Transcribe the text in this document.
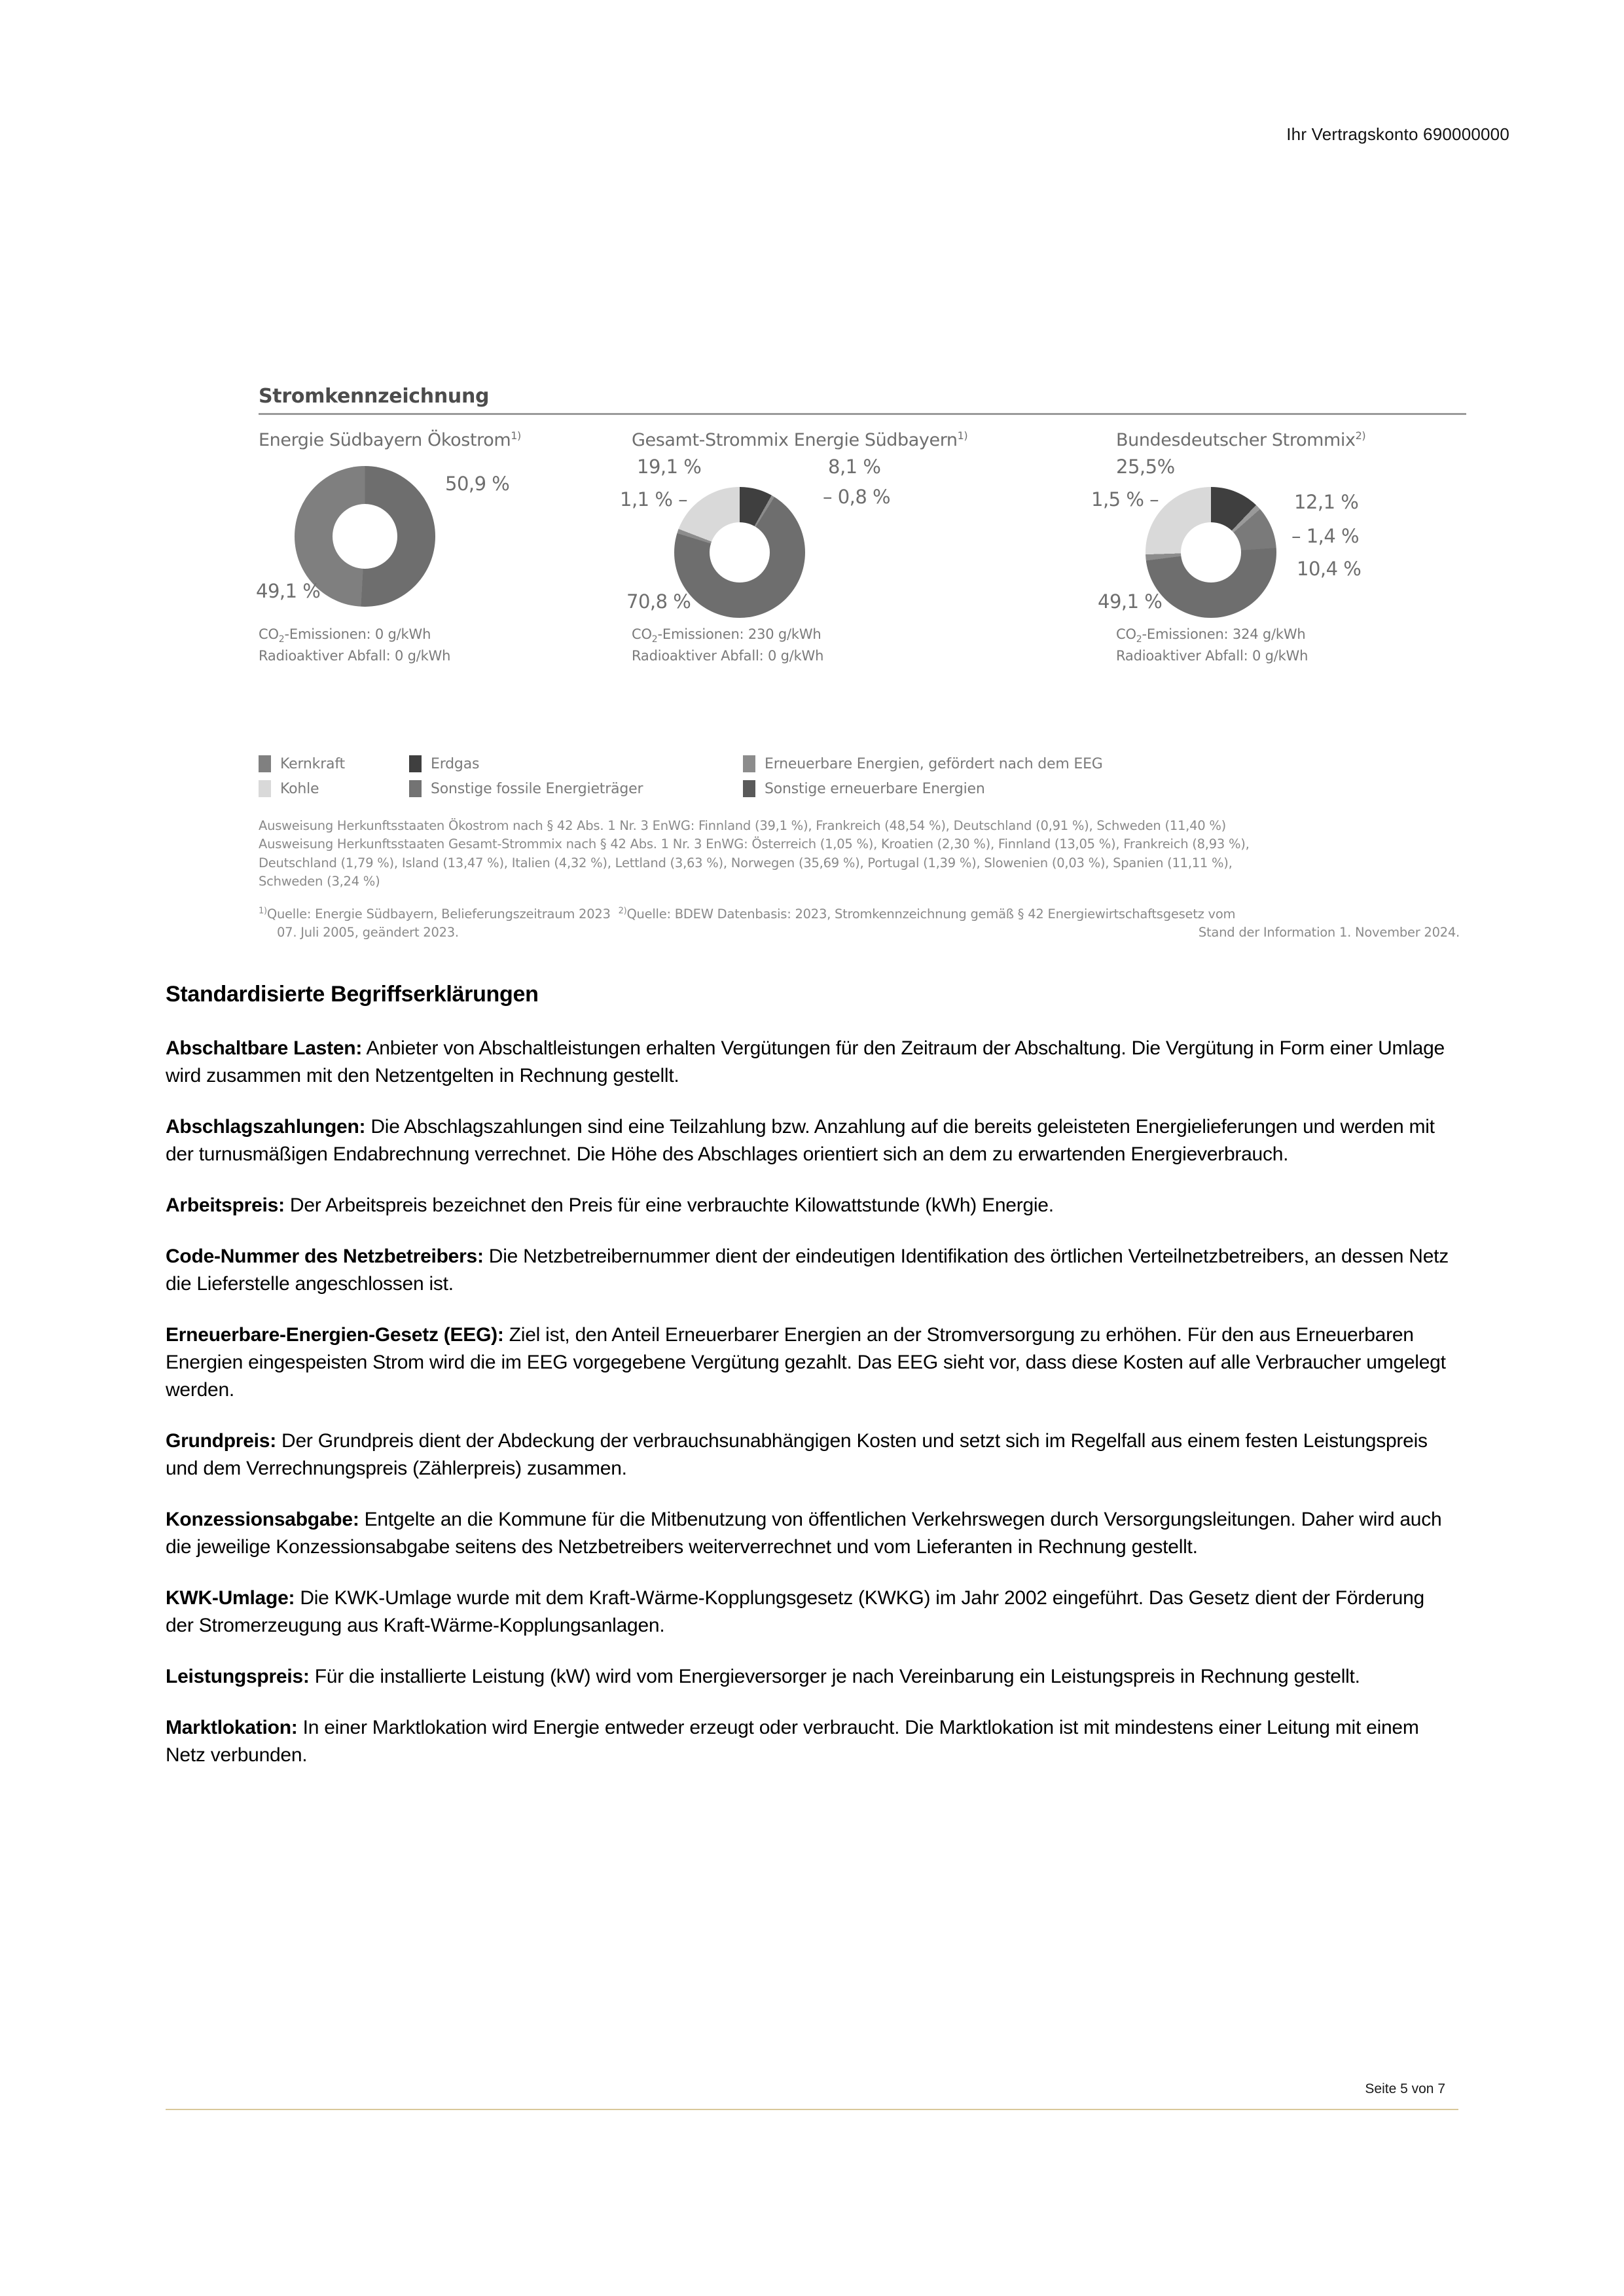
Ihr Vertragskonto 690000000
Stromkennzeichnung
Energie Südbayern Ökostrom$^{1)}$
50,9 %
49,1 %
$CO_2$-Emissionen: 0 g/kWh
Radioaktiver Abfall: 0 g/kWh
Gesamt-Strommix Energie Südbayern$^{1)}$
19,1 %	8,1 %
1,1 % –	– 0,8 %
70,8 %
$CO_2$-Emissionen: 230 g/kWh
Radioaktiver Abfall: 0 g/kWh
Bundesdeutscher Strommix$^{2)}$
25,5%
1,5 % –	12,1 %
– 1,4 %
10,4 %
49,1 %
$CO_2$-Emissionen: 324 g/kWh
Radioaktiver Abfall: 0 g/kWh
Kernkraft	Erdgas	Erneuerbare Energien, gefördert nach dem EEG
Kohle	Sonstige fossile Energieträger	Sonstige erneuerbare Energien
Ausweisung Herkunftsstaaten Ökostrom nach § 42 Abs. 1 Nr. 3 EnWG: Finnland (39,1 %), Frankreich (48,54 %), Deutschland (0,91 %), Schweden (11,40 %)
Ausweisung Herkunftsstaaten Gesamt-Strommix nach § 42 Abs. 1 Nr. 3 EnWG: Österreich (1,05 %), Kroatien (2,30 %), Finnland (13,05 %), Frankreich (8,93 %),
Deutschland (1,79 %), Island (13,47 %), Italien (4,32 %), Lettland (3,63 %), Norwegen (35,69 %), Portugal (1,39 %), Slowenien (0,03 %), Spanien (11,11 %),
Schweden (3,24 %)
$^{1)}$Quelle: Energie Südbayern, Belieferungszeitraum 2023 $^{2)}$Quelle: BDEW Datenbasis: 2023, Stromkennzeichnung gemäß § 42 Energiewirtschaftsgesetz vom
07. Juli 2005, geändert 2023.	Stand der Information 1. November 2024.
Standardisierte Begriffserklärungen

Abschaltbare Lasten: Anbieter von Abschaltleistungen erhalten Vergütungen für den Zeitraum der Abschaltung. Die Vergütung in Form einer Umlage wird zusammen mit den Netzentgelten in Rechnung gestellt.

Abschlagszahlungen: Die Abschlagszahlungen sind eine Teilzahlung bzw. Anzahlung auf die bereits geleisteten Energielieferungen und werden mit der turnusmäßigen Endabrechnung verrechnet. Die Höhe des Abschlages orientiert sich an dem zu erwartenden Energieverbrauch.

Arbeitspreis: Der Arbeitspreis bezeichnet den Preis für eine verbrauchte Kilowattstunde (kWh) Energie.

Code-Nummer des Netzbetreibers: Die Netzbetreibernummer dient der eindeutigen Identifikation des örtlichen Verteilnetzbetreibers, an dessen Netz die Lieferstelle angeschlossen ist.

Erneuerbare-Energien-Gesetz (EEG): Ziel ist, den Anteil Erneuerbarer Energien an der Stromversorgung zu erhöhen. Für den aus Erneuerbaren Energien eingespeisten Strom wird die im EEG vorgegebene Vergütung gezahlt. Das EEG sieht vor, dass diese Kosten auf alle Verbraucher umgelegt werden.

Grundpreis: Der Grundpreis dient der Abdeckung der verbrauchsunabhängigen Kosten und setzt sich im Regelfall aus einem festen Leistungspreis und dem Verrechnungspreis (Zählerpreis) zusammen.

Konzessionsabgabe: Entgelte an die Kommune für die Mitbenutzung von öffentlichen Verkehrswegen durch Versorgungsleitungen. Daher wird auch die jeweilige Konzessionsabgabe seitens des Netzbetreibers weiterverrechnet und vom Lieferanten in Rechnung gestellt.

KWK-Umlage: Die KWK-Umlage wurde mit dem Kraft-Wärme-Kopplungsgesetz (KWKG) im Jahr 2002 eingeführt. Das Gesetz dient der Förderung der Stromerzeugung aus Kraft-Wärme-Kopplungsanlagen.

Leistungspreis: Für die installierte Leistung (kW) wird vom Energieversorger je nach Vereinbarung ein Leistungspreis in Rechnung gestellt.

Marktlokation: In einer Marktlokation wird Energie entweder erzeugt oder verbraucht. Die Marktlokation ist mit mindestens einer Leitung mit einem Netz verbunden.

Seite 5 von 7
